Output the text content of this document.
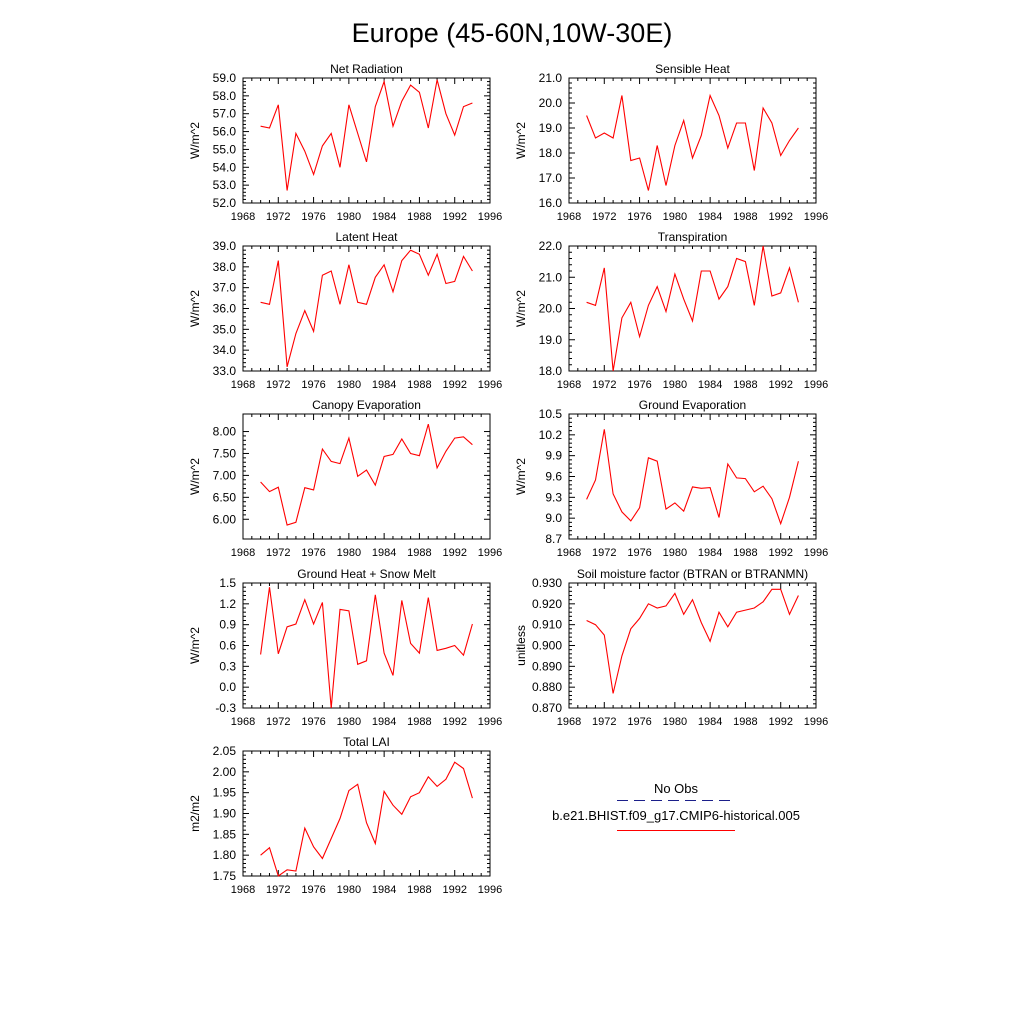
Europe (45-60N,10W-30E)
Net Radiation
W/m^2
1968 1972 1976 1980 1984 1988 1992 1996
52.0
53.0
54.0
55.0
56.0
57.0
58.0
59.0
Sensible Heat
W/m^2
1968 1972 1976 1980 1984 1988 1992 1996
16.0
17.0
18.0
19.0
20.0
21.0
Latent Heat
W/m^2
1968 1972 1976 1980 1984 1988 1992 1996
33.0
34.0
35.0
36.0
37.0
38.0
39.0
Transpiration
W/m^2
1968 1972 1976 1980 1984 1988 1992 1996
18.0
19.0
20.0
21.0
22.0
Canopy Evaporation
W/m^2
1968 1972 1976 1980 1984 1988 1992 1996
6.00
6.50
7.00
7.50
8.00
Ground Evaporation
W/m^2
1968 1972 1976 1980 1984 1988 1992 1996
8.7
9.0
9.3
9.6
9.9
10.2
10.5
Ground Heat + Snow Melt
W/m^2
1968 1972 1976 1980 1984 1988 1992 1996
-0.3
0.0
0.3
0.6
0.9
1.2
1.5
Soil moisture factor (BTRAN or BTRANMN)
unitless
1968 1972 1976 1980 1984 1988 1992 1996
0.870
0.880
0.890
0.900
0.910
0.920
0.930
Total LAI
m2/m2
1968 1972 1976 1980 1984 1988 1992 1996
1.75
1.80
1.85
1.90
1.95
2.00
2.05
No Obs
b.e21.BHIST.f09_g17.CMIP6-historical.005
